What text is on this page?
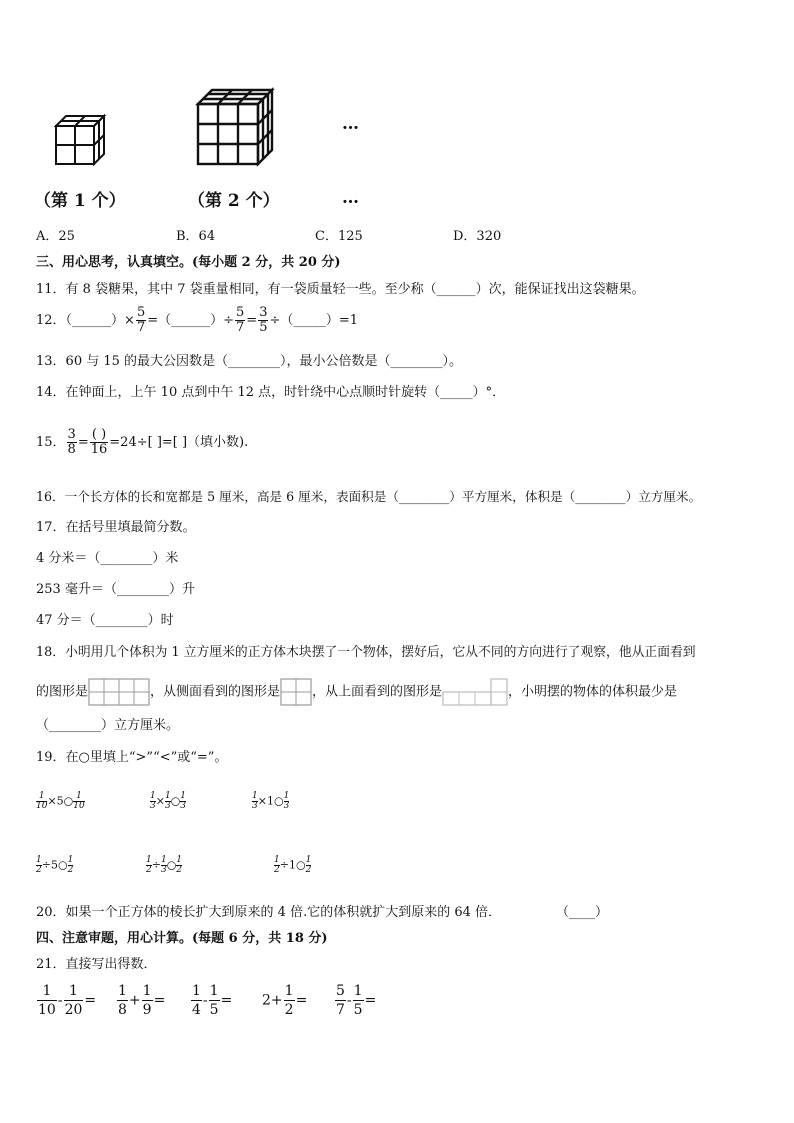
…
（第 1 个）	（第 2 个）	…
A．25	B．64	C．125	D．320
三、用心思考，认真填空。(每小题 2 分，共 20 分)
11．有 8 袋糖果，其中 7 袋重量相同，有一袋质量轻一些。至少称（______）次，能保证找出这袋糖果。
12．（______）× $\frac{5}{7}$ =（______）÷ $\frac{5}{7} = \frac{3}{5}$ ÷（_____）=1
13．60 与 15 的最大公因数是（________），最小公倍数是（________）。
14．在钟面上，上午 10 点到中午 12 点，时针绕中心点顺时针旋转（_____）°．
15． $\frac{3}{8} = \frac{( )}{16} =24\div$[ ]=[ ]（填小数).
16．一个长方体的长和宽都是 5 厘米，高是 6 厘米，表面积是（________）平方厘米，体积是（________）立方厘米。
17．在括号里填最简分数。
4 分米＝（________）米
253 毫升＝（________）升
47 分＝（________）时
18．小明用几个体积为 1 立方厘米的正方体木块摆了一个物体，摆好后，它从不同的方向进行了观察，他从正面看到
的图形是	，从侧面看到的图形是 ，从上面看到的图形是	，小明摆的物体的体积最少是
（________）立方厘米。
19．在○里填上“>”“<”或“=”。
$\frac{1}{10}$ ×5○ $\frac{1}{10}$	$\frac{1}{3} \times \frac{1}{3}$ ○ $\frac{1}{3}$	$\frac{1}{3}$ ×1○ $\frac{1}{3}$
$\frac{1}{2}$ ÷5○ $\frac{1}{2}$	$\frac{1}{2} \div \frac{1}{3}$ ○ $\frac{1}{2}$	$\frac{1}{2}$ ÷1○ $\frac{1}{2}$
20．如果一个正方体的棱长扩大到原来的 4 倍.它的体积就扩大到原来的 64 倍．	（____）
四、注意审题，用心计算。(每题 6 分，共 18 分)
21．直接写出得数．
$\frac{1}{10} - \frac{1}{20} = \frac{1}{8} + \frac{1}{9} = \frac{1}{4} - \frac{1}{5} = 2+ \frac{1}{2} = \frac{5}{7} - \frac{1}{5}$ =
